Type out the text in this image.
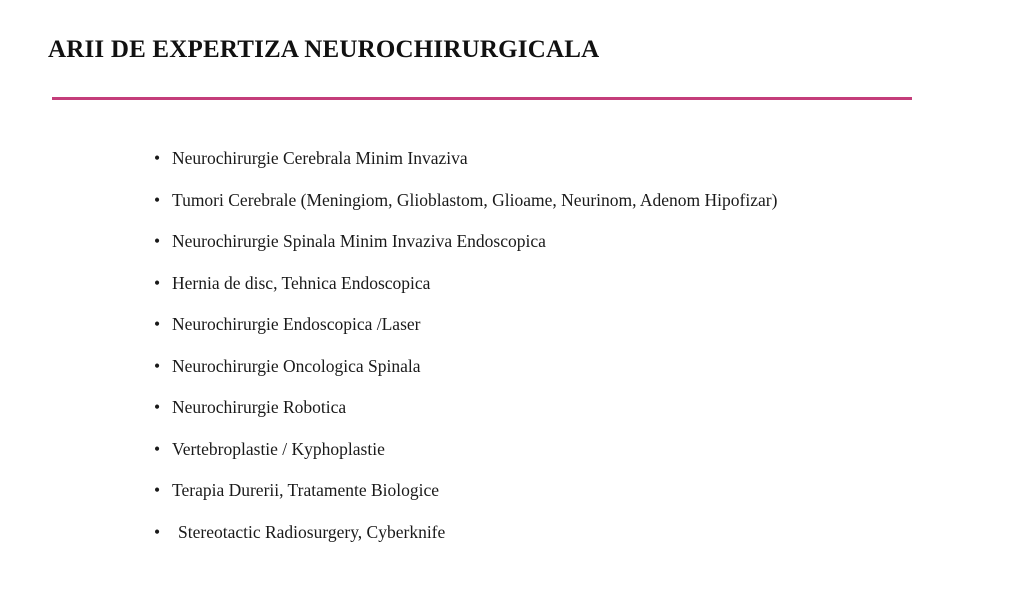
ARII DE EXPERTIZA NEUROCHIRURGICALA
• Neurochirurgie Cerebrala Minim Invaziva
• Tumori Cerebrale (Meningiom, Glioblastom, Glioame, Neurinom, Adenom Hipofizar)
• Neurochirurgie Spinala Minim Invaziva Endoscopica
• Hernia de disc, Tehnica Endoscopica
• Neurochirurgie Endoscopica /Laser
• Neurochirurgie Oncologica Spinala
• Neurochirurgie Robotica
• Vertebroplastie / Kyphoplastie
• Terapia Durerii, Tratamente Biologice
• Stereotactic Radiosurgery, Cyberknife
